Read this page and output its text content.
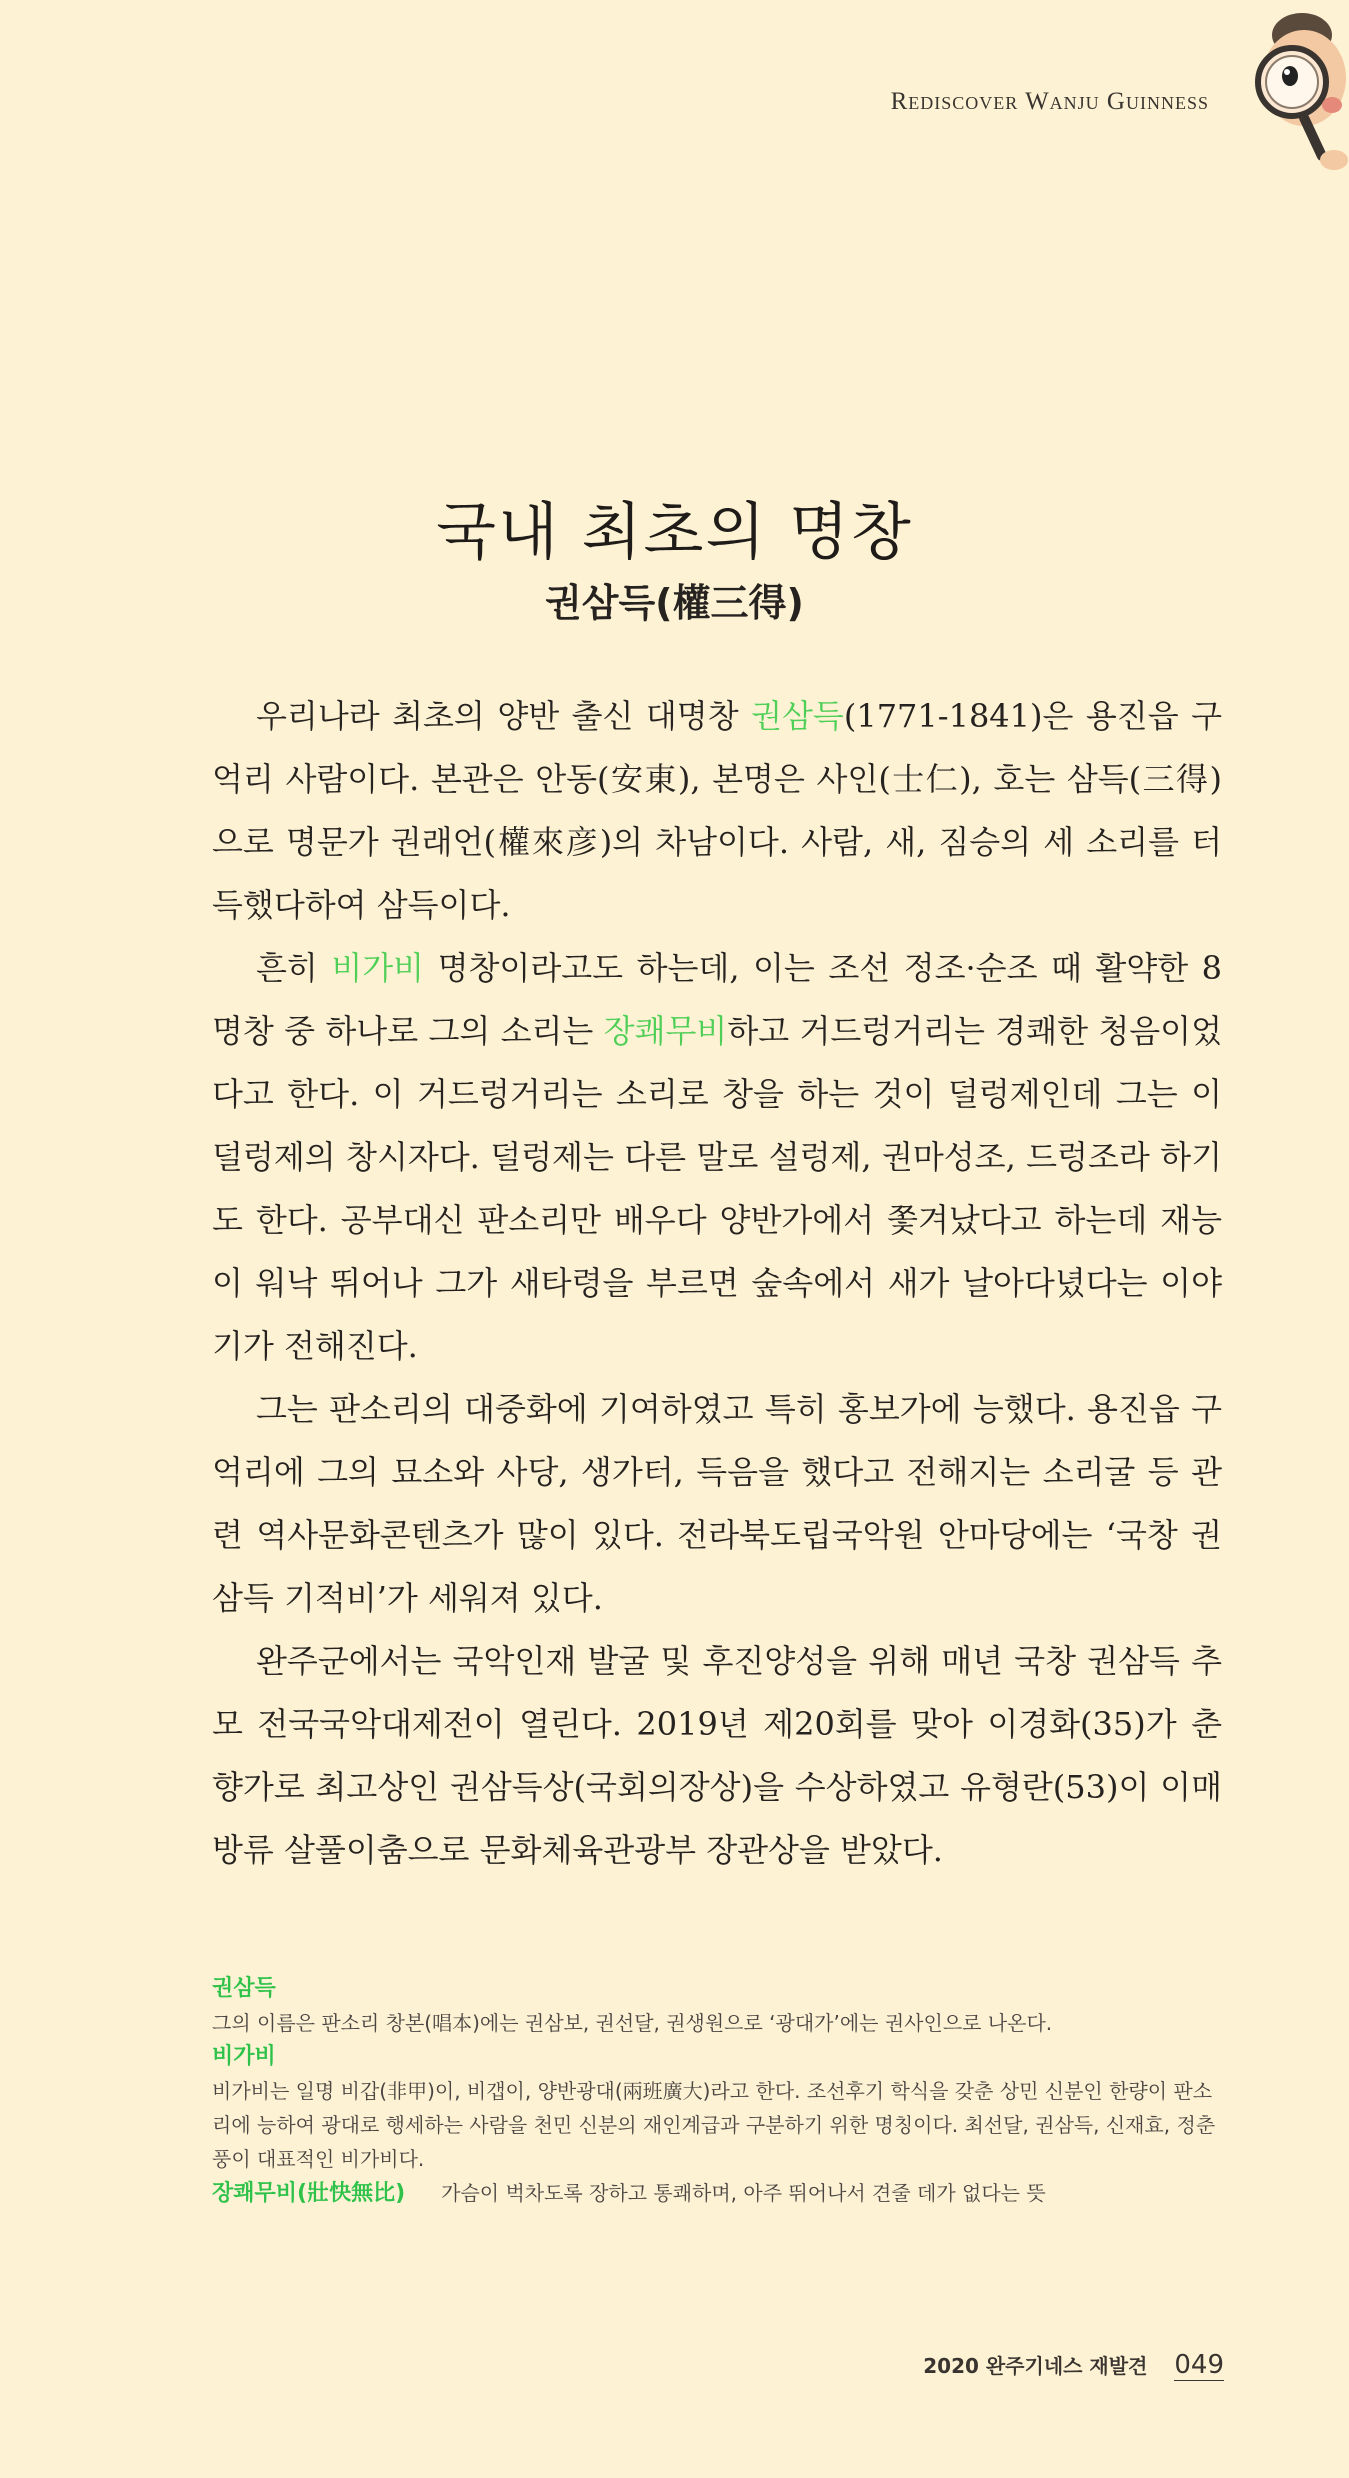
Rediscover Wanju Guinness
국내 최초의 명창
권삼득(權三得)

우리나라 최초의 양반 출신 대명창 권삼득(1771-1841)은 용진읍 구억리 사람이다. 본관은 안동(安東), 본명은 사인(士仁), 호는 삼득(三得)으로 명문가 권래언(權來彦)의 차남이다. 사람, 새, 짐승의 세 소리를 터득했다하여 삼득이다.

흔히 비가비 명창이라고도 하는데, 이는 조선 정조·순조 때 활약한 8명창 중 하나로 그의 소리는 장쾌무비하고 거드렁거리는 경쾌한 청음이었다고 한다. 이 거드렁거리는 소리로 창을 하는 것이 덜렁제인데 그는 이 덜렁제의 창시자다. 덜렁제는 다른 말로 설렁제, 권마성조, 드렁조라 하기도 한다. 공부대신 판소리만 배우다 양반가에서 쫓겨났다고 하는데 재능이 워낙 뛰어나 그가 새타령을 부르면 숲속에서 새가 날아다녔다는 이야기가 전해진다.

그는 판소리의 대중화에 기여하였고 특히 홍보가에 능했다. 용진읍 구억리에 그의 묘소와 사당, 생가터, 득음을 했다고 전해지는 소리굴 등 관련 역사문화콘텐츠가 많이 있다. 전라북도립국악원 안마당에는 ‘국창 권삼득 기적비’가 세워져 있다.

완주군에서는 국악인재 발굴 및 후진양성을 위해 매년 국창 권삼득 추모 전국국악대제전이 열린다. 2019년 제20회를 맞아 이경화(35)가 춘향가로 최고상인 권삼득상(국회의장상)을 수상하였고 유형란(53)이 이매방류 살풀이춤으로 문화체육관광부 장관상을 받았다.

권삼득
그의 이름은 판소리 창본(唱本)에는 권삼보, 권선달, 권생원으로 ‘광대가’에는 권사인으로 나온다.
비가비
비가비는 일명 비갑(非甲)이, 비갭이, 양반광대(兩班廣大)라고 한다. 조선후기 학식을 갖춘 상민 신분인 한량이 판소리에 능하여 광대로 행세하는 사람을 천민 신분의 재인계급과 구분하기 위한 명칭이다. 최선달, 권삼득, 신재효, 정춘풍이 대표적인 비가비다.
장쾌무비(壯快無比) 가슴이 벅차도록 장하고 통쾌하며, 아주 뛰어나서 견줄 데가 없다는 뜻
2020 완주기네스 재발견 049
